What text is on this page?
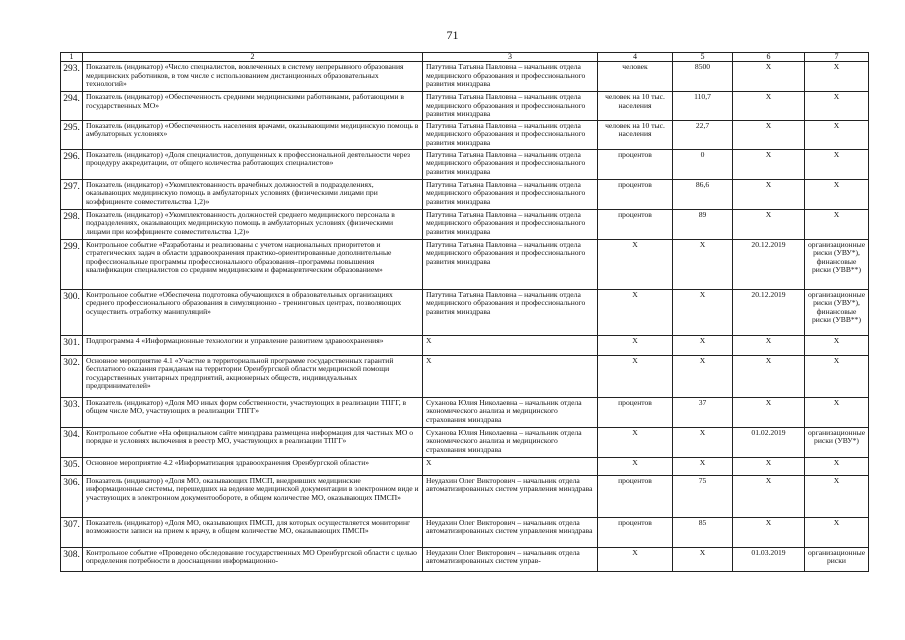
71
1	2	3	4	5	6	7
293.	Показатель (индикатор) «Число специалистов, вовлеченных в систему непрерывного образования медицинских работников, в том числе с использованием дистанционных образовательных технологий»	Патутина Татьяна Павловна – начальник отдела медицинского образования и профессионального развития минздрава	человек	8500	X	X
294.	Показатель (индикатор) «Обеспеченность средними медицинскими работниками, работающими в государственных МО»	Патутина Татьяна Павловна – начальник отдела медицинского образования и профессионального развития минздрава	человек на 10 тыс. населения	110,7	X	X
295.	Показатель (индикатор) «Обеспеченность населения врачами, оказывающими медицинскую помощь в амбулаторных условиях»	Патутина Татьяна Павловна – начальник отдела медицинского образования и профессионального развития минздрава	человек на 10 тыс. населения	22,7	X	X
296.	Показатель (индикатор) «Доля специалистов, допущенных к профессиональной деятельности через процедуру аккредитации, от общего количества работающих специалистов»	Патутина Татьяна Павловна – начальник отдела медицинского образования и профессионального развития минздрава	процентов	0	X	X
297.	Показатель (индикатор) «Укомплектованность врачебных должностей в подразделениях, оказывающих медицинскую помощь в амбулаторных условиях (физическими лицами при коэффициенте совместительства 1,2)»	Патутина Татьяна Павловна – начальник отдела медицинского образования и профессионального развития минздрава	процентов	86,6	X	X
298.	Показатель (индикатор) «Укомплектованность должностей среднего медицинского персонала в подразделениях, оказывающих медицинскую помощь в амбулаторных условиях (физическими лицами при коэффициенте совместительства 1,2)»	Патутина Татьяна Павловна – начальник отдела медицинского образования и профессионального развития минздрава	процентов	89	X	X
299.	Контрольное событие «Разработаны и реализованы с учетом национальных приоритетов и стратегических задач в области здравоохранения практико-ориентированные дополнительные профессиональные программы профессионального образования–программы повышения квалификации специалистов со средним медицинским и фармацевтическим образованием»	Патутина Татьяна Павловна – начальник отдела медицинского образования и профессионального развития минздрава	X	X	20.12.2019	организационные риски (УВУ*), финансовые риски (УВВ**)
300.	Контрольное событие «Обеспечена подготовка обучающихся в образовательных организациях среднего профессионального образования в симуляционно - тренинговых центрах, позволяющих осуществить отработку манипуляций»	Патутина Татьяна Павловна – начальник отдела медицинского образования и профессионального развития минздрава	X	X	20.12.2019	организационные риски (УВУ*), финансовые риски (УВВ**)
301.	Подпрограмма 4 «Информационные технологии и управление развитием здравоохранения»	X	X	X	X	X
302.	Основное мероприятие 4.1 «Участие в территориальной программе государственных гарантий бесплатного оказания гражданам на территории Оренбургской области медицинской помощи государственных унитарных предприятий, акционерных обществ, индивидуальных предпринимателей»	X	X	X	X	X
303.	Показатель (индикатор) «Доля МО иных форм собственности, участвующих в реализации ТПГГ, в общем числе МО, участвующих в реализации ТПГГ»	Суханова Юлия Николаевна – начальник отдела экономического анализа и медицинского страхования минздрава	процентов	37	X	X
304.	Контрольное событие «На официальном сайте минздрава размещена информация для частных МО о порядке и условиях включения в реестр МО, участвующих в реализации ТПГГ»	Суханова Юлия Николаевна – начальник отдела экономического анализа и медицинского страхования минздрава	X	X	01.02.2019	организационные риски (УВУ*)
305.	Основное мероприятие 4.2 «Информатизация здравоохранения Оренбургской области»	X	X	X	X	X
306.	Показатель (индикатор) «Доля МО, оказывающих ПМСП, внедривших медицинские информационные системы, перешедших на ведение медицинской документации в электронном виде и участвующих в электронном документообороте, в общем количестве МО, оказывающих ПМСП»	Неудахин Олег Викторович – начальник отдела автоматизированных систем управления минздрава	процентов	75	X	X
307.	Показатель (индикатор) «Доля МО, оказывающих ПМСП, для которых осуществляется мониторинг возможности записи на прием к врачу, в общем количестве МО, оказывающих ПМСП»	Неудахин Олег Викторович – начальник отдела автоматизированных систем управления минздрава	процентов	85	X	X
308.	Контрольное событие «Проведено обследование государственных МО Оренбургской области с целью определения потребности в дооснащении информационно-	Неудахин Олег Викторович – начальник отдела автоматизированных систем управ-	X	X	01.03.2019	организационные риски
